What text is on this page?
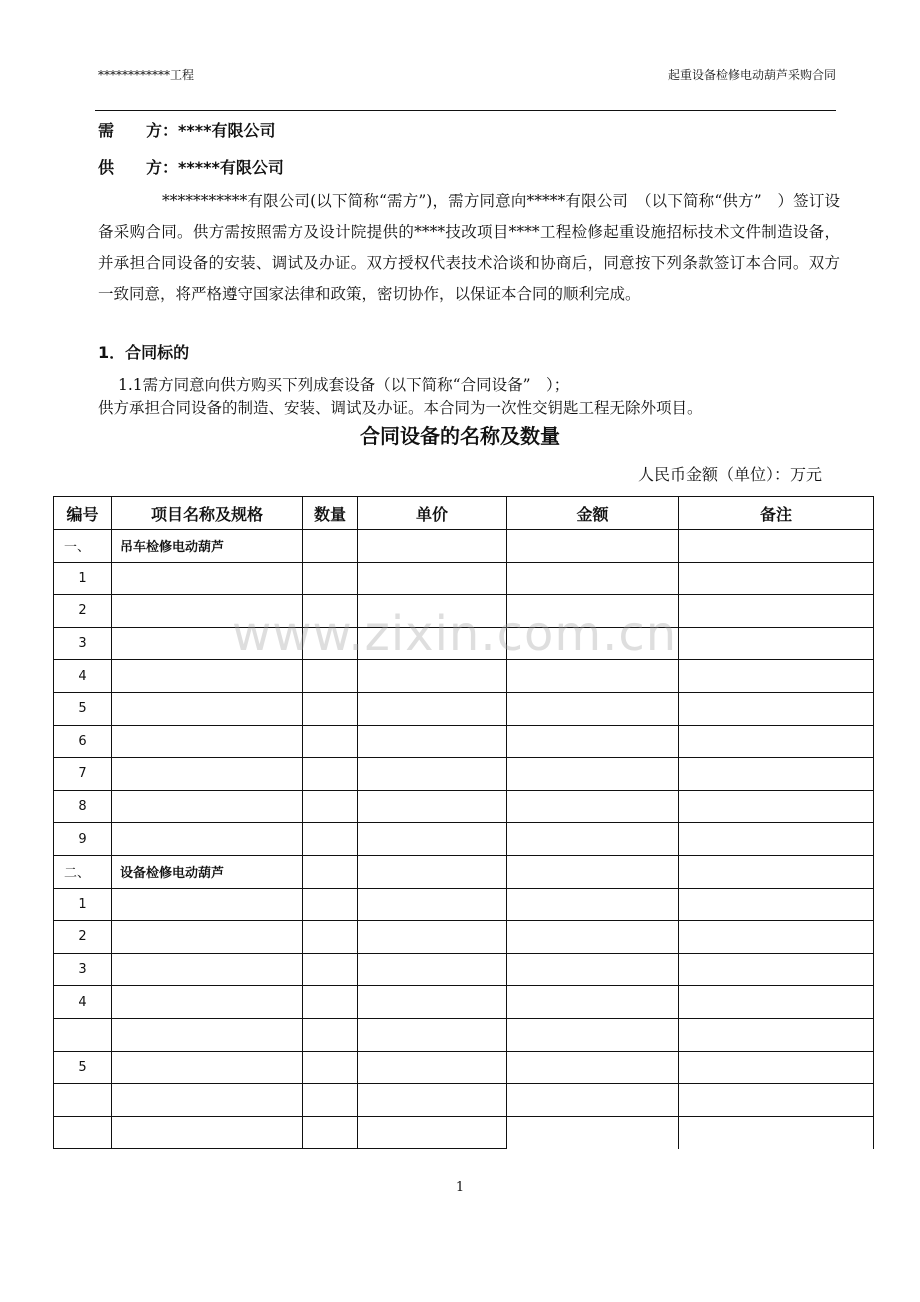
************工程	起重设备检修电动葫芦采购合同
需　　方：****有限公司
供　　方：*****有限公司
***********有限公司(以下简称“需方”)，需方同意向*****有限公司　（以下简称“供方”　）签订设备采购合同。供方需按照需方及设计院提供的****技改项目****工程检修起重设施招标技术文件制造设备，并承担合同设备的安装、调试及办证。双方授权代表技术洽谈和协商后，同意按下列条款签订本合同。双方一致同意，将严格遵守国家法律和政策，密切协作，以保证本合同的顺利完成。
1．合同标的
1.1需方同意向供方购买下列成套设备（以下简称“合同设备”　）；
供方承担合同设备的制造、安装、调试及办证。本合同为一次性交钥匙工程无除外项目。
合同设备的名称及数量
人民币金额（单位）：万元
编号	项目名称及规格	数量	单价	金额	备注
一、	吊车检修电动葫芦				
1					
2					
3					
4					
5					
6					
7					
8					
9					
二、	设备检修电动葫芦				
1					
2					
3					
4					

5					

www.zixin.com.cn
1
